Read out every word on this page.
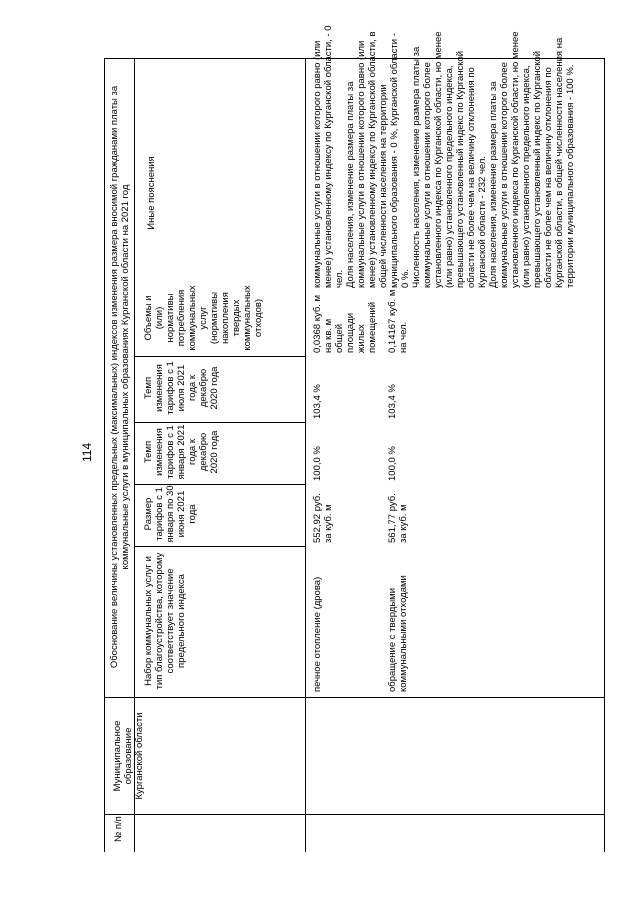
114
№ п/п
Муниципальное образование Курганской области
Обоснование величины установленных предельных (максимальных) индексов изменения размера вносимой гражданами платы за коммунальные услуги в муниципальных образованиях Курганской области на 2021 год
Набор коммунальных услуг и тип благоустройства, которому соответствует значение предельного индекса
Размер тарифов с 1 января по 30 июня 2021 года
Темп изменения тарифов с 1 января 2021 года к декабрю 2020 года
Темп изменения тарифов с 1 июля 2021 года к декабрю 2020 года
Объемы и (или) нормативы потребления коммунальных услуг (нормативы накопления твердых коммунальных отходов)
Иные пояснения
печное отопление (дрова)
552,92 руб. за куб. м
100,0 %
103,4 %
0,0368 куб. м на кв. м общей площади жилых помещений
обращение с твердыми коммунальными отходами
561,77 руб. за куб. м
100,0 %
103,4 %
0,14167 куб. м на чел.
коммунальные услуги в отношении которого равно (или менее) установленному индексу по Курганской области, - 0 чел. Доля населения, изменение размера платы за коммунальные услуги в отношении которого равно (или менее) установленному индексу по Курганской области, в общей численности населения на территории муниципального образования - 0 %, Курганской области - 0 %. Численность населения, изменение размера платы за коммунальные услуги в отношении которого более установленного индекса по Курганской области, но менее (или равно) установленного предельного индекса, превышающего установленный индекс по Курганской области не более чем на величину отклонения по Курганской области - 232 чел. Доля населения, изменение размера платы за коммунальные услуги в отношении которого более установленного индекса по Курганской области, но менее (или равно) установленного предельного индекса, превышающего установленный индекс по Курганской области не более чем на величину отклонения по Курганской области, в общей численности населения на территории муниципального образования - 100 %.
